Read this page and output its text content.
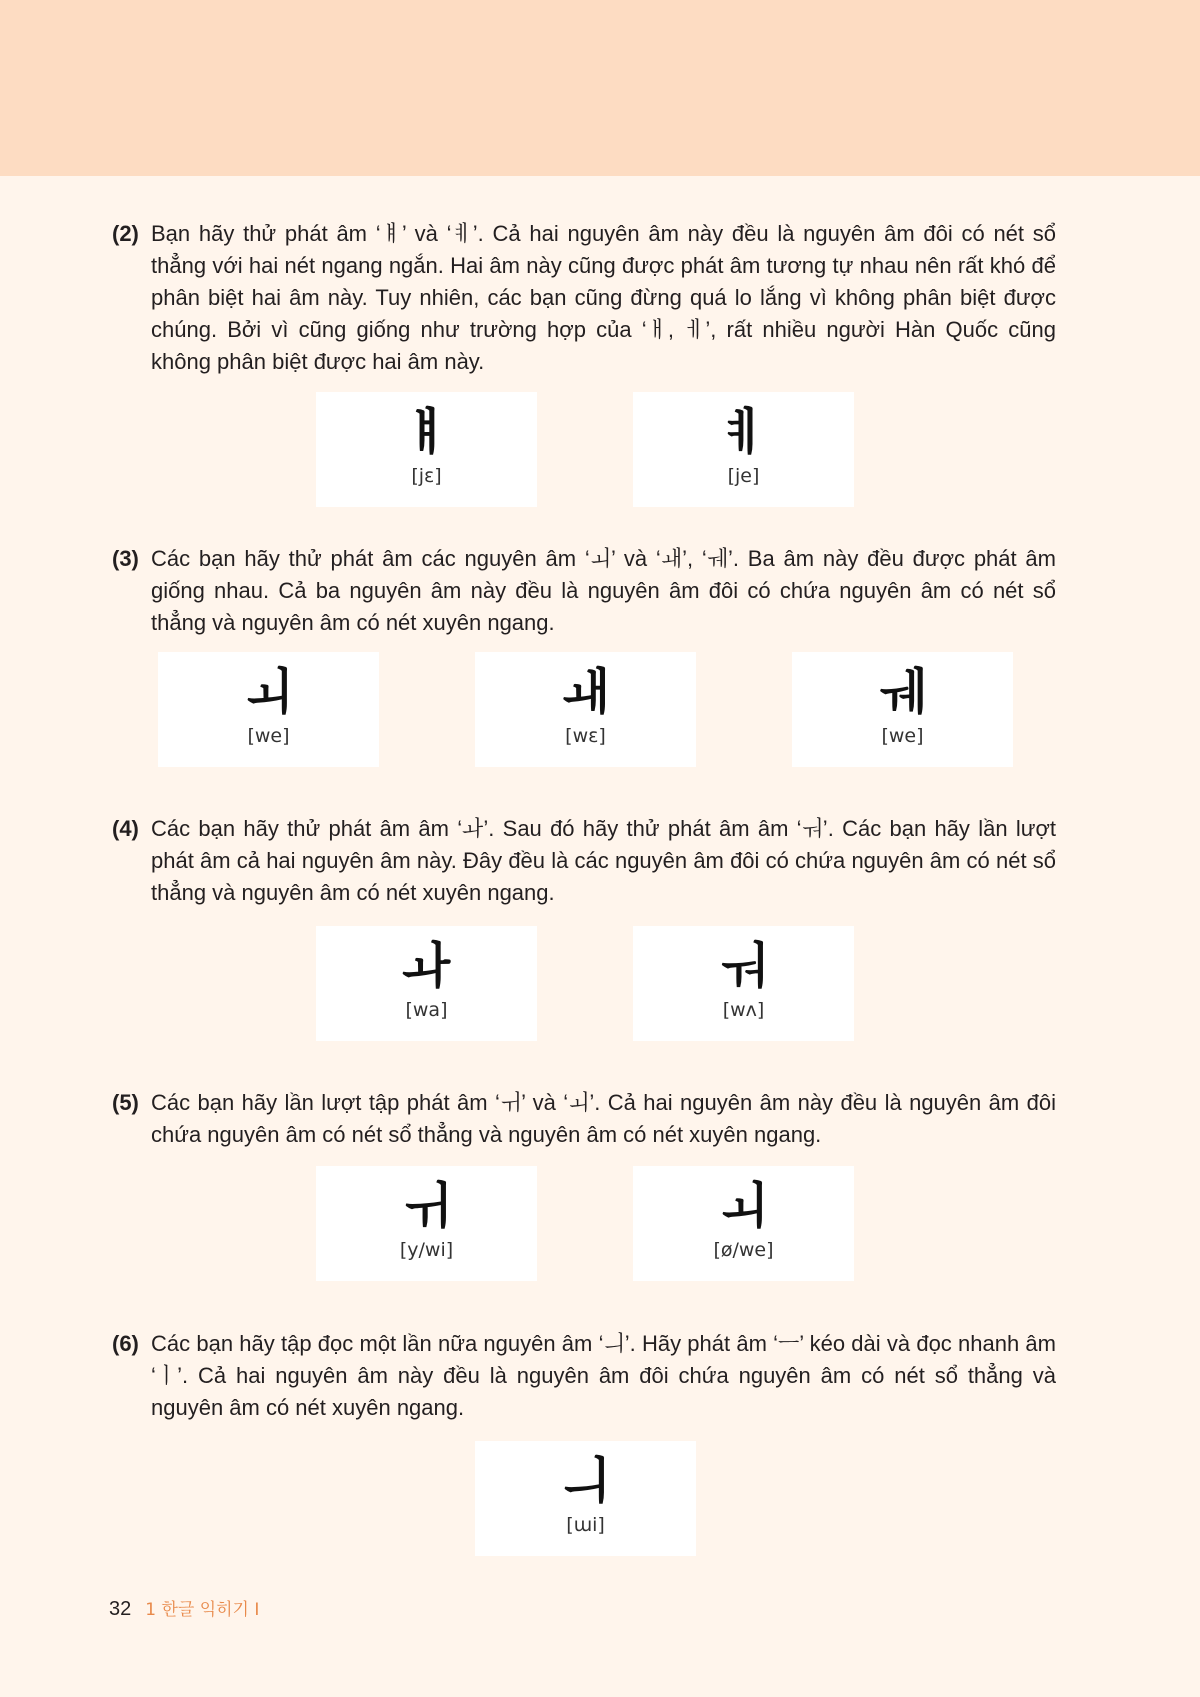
(2) Bạn hãy thử phát âm ‘ㅒ’ và ‘ㅖ’. Cả hai nguyên âm này đều là nguyên âm đôi có nét sổ thẳng với hai nét ngang ngắn. Hai âm này cũng được phát âm tương tự nhau nên rất khó để phân biệt hai âm này. Tuy nhiên, các bạn cũng đừng quá lo lắng vì không phân biệt được chúng. Bởi vì cũng giống như trường hợp của ‘ㅐ, ㅔ’, rất nhiều người Hàn Quốc cũng không phân biệt được hai âm này.

ㅒ
[jɛ]
ㅖ
[je]

(3) Các bạn hãy thử phát âm các nguyên âm ‘ㅚ’ và ‘ㅙ’, ‘ㅞ’. Ba âm này đều được phát âm giống nhau. Cả ba nguyên âm này đều là nguyên âm đôi có chứa nguyên âm có nét sổ thẳng và nguyên âm có nét xuyên ngang.

ㅚ
[we]
ㅙ
[wɛ]
ㅞ
[we]

(4) Các bạn hãy thử phát âm âm ‘ㅘ’. Sau đó hãy thử phát âm âm ‘ㅝ’. Các bạn hãy lần lượt phát âm cả hai nguyên âm này. Đây đều là các nguyên âm đôi có chứa nguyên âm có nét sổ thẳng và nguyên âm có nét xuyên ngang.

ㅘ
[wa]
ㅝ
[wʌ]

(5) Các bạn hãy lần lượt tập phát âm ‘ㅟ’ và ‘ㅚ’. Cả hai nguyên âm này đều là nguyên âm đôi chứa nguyên âm có nét sổ thẳng và nguyên âm có nét xuyên ngang.

ㅟ
[y/wi]
ㅚ
[ø/we]

(6) Các bạn hãy tập đọc một lần nữa nguyên âm ‘ㅢ’. Hãy phát âm ‘ㅡ’ kéo dài và đọc nhanh âm ‘ㅣ’. Cả hai nguyên âm này đều là nguyên âm đôi chứa nguyên âm có nét sổ thẳng và nguyên âm có nét xuyên ngang.

ㅢ
[ɯi]
32 1 한글 익히기 I
